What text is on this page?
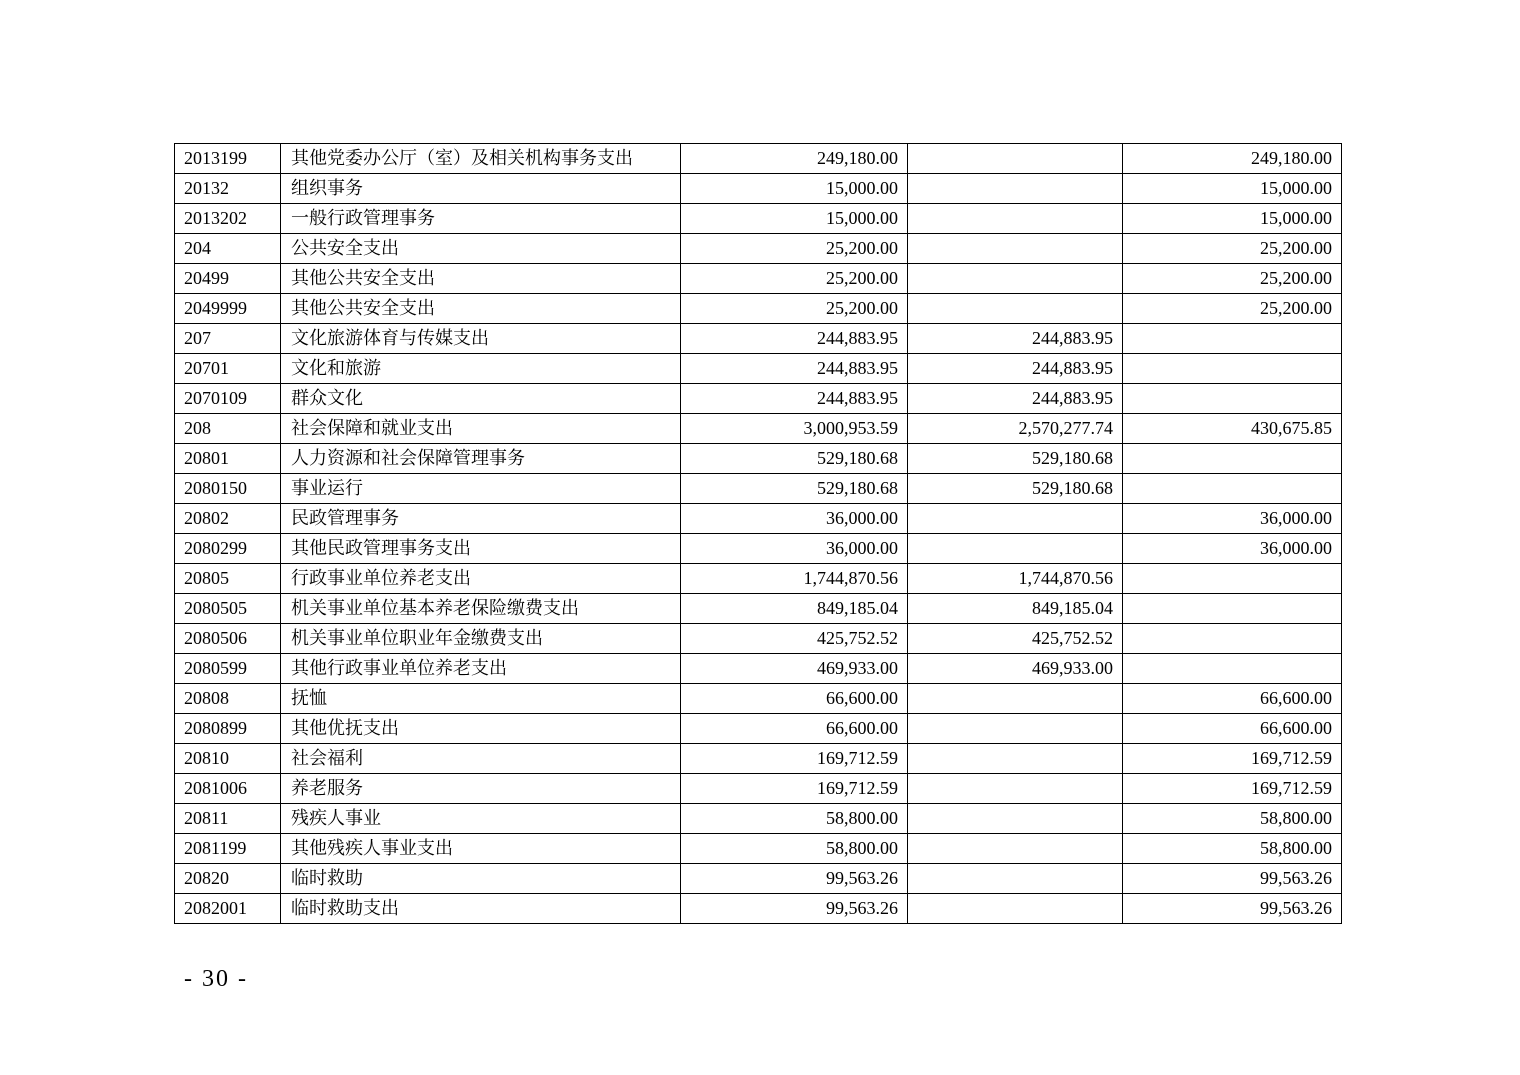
2013199	其他党委办公厅（室）及相关机构事务支出	249,180.00		249,180.00
20132	组织事务	15,000.00		15,000.00
2013202	一般行政管理事务	15,000.00		15,000.00
204	公共安全支出	25,200.00		25,200.00
20499	其他公共安全支出	25,200.00		25,200.00
2049999	其他公共安全支出	25,200.00		25,200.00
207	文化旅游体育与传媒支出	244,883.95	244,883.95	
20701	文化和旅游	244,883.95	244,883.95	
2070109	群众文化	244,883.95	244,883.95	
208	社会保障和就业支出	3,000,953.59	2,570,277.74	430,675.85
20801	人力资源和社会保障管理事务	529,180.68	529,180.68	
2080150	事业运行	529,180.68	529,180.68	
20802	民政管理事务	36,000.00		36,000.00
2080299	其他民政管理事务支出	36,000.00		36,000.00
20805	行政事业单位养老支出	1,744,870.56	1,744,870.56	
2080505	机关事业单位基本养老保险缴费支出	849,185.04	849,185.04	
2080506	机关事业单位职业年金缴费支出	425,752.52	425,752.52	
2080599	其他行政事业单位养老支出	469,933.00	469,933.00	
20808	抚恤	66,600.00		66,600.00
2080899	其他优抚支出	66,600.00		66,600.00
20810	社会福利	169,712.59		169,712.59
2081006	养老服务	169,712.59		169,712.59
20811	残疾人事业	58,800.00		58,800.00
2081199	其他残疾人事业支出	58,800.00		58,800.00
20820	临时救助	99,563.26		99,563.26
2082001	临时救助支出	99,563.26		99,563.26
- 30 -
